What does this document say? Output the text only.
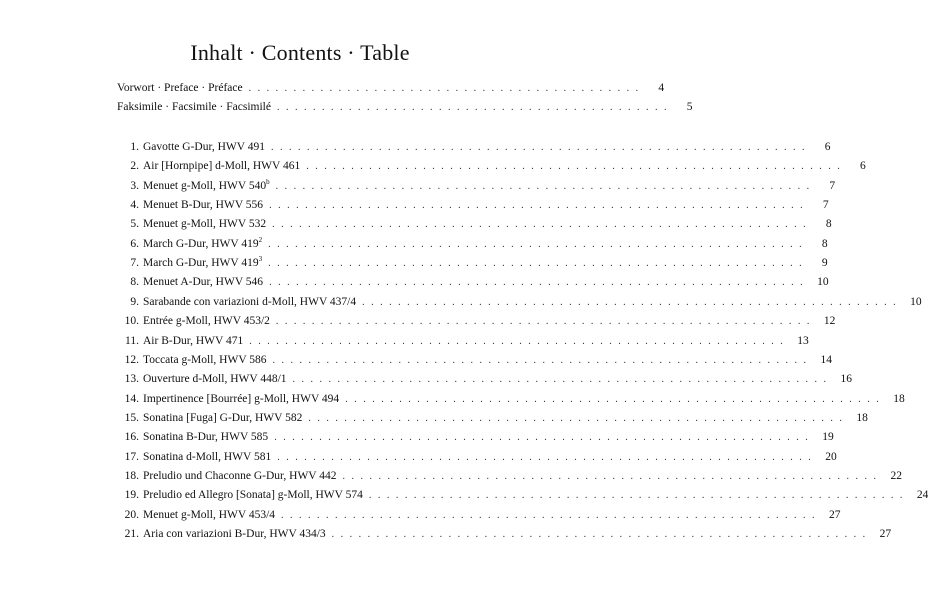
Inhalt · Contents · Table
Vorwort · Preface · Préface . . . . . . . . . . . . . . . . . . . . . . . . . . . . . . . . . . . . . . . . . . . .	4
Faksimile · Facsimile · Facsimilé . . . . . . . . . . . . . . . . . . . . . . . . . . . . . . . . . . . . . . . . . . . .	5
1. Gavotte G-Dur, HWV 491 . . . . . . . . . . . . . . . . . . . . . . . . . . . . . . . . . . . . . . . . . . . . . . . . . . . . . . . . . . . .	6
2. Air [Hornpipe] d-Moll, HWV 461 . . . . . . . . . . . . . . . . . . . . . . . . . . . . . . . . . . . . . . . . . . . . . . . . . . . . . . . . . . . .	6
3. Menuet g-Moll, HWV 540$^b$ . . . . . . . . . . . . . . . . . . . . . . . . . . . . . . . . . . . . . . . . . . . . . . . . . . . . . . . . . . . .	7
4. Menuet B-Dur, HWV 556 . . . . . . . . . . . . . . . . . . . . . . . . . . . . . . . . . . . . . . . . . . . . . . . . . . . . . . . . . . . .	7
5. Menuet g-Moll, HWV 532 . . . . . . . . . . . . . . . . . . . . . . . . . . . . . . . . . . . . . . . . . . . . . . . . . . . . . . . . . . . .	8
6. March G-Dur, HWV $419^2$ . . . . . . . . . . . . . . . . . . . . . . . . . . . . . . . . . . . . . . . . . . . . . . . . . . . . . . . . . . . .	8
7. March G-Dur, HWV $419^3$ . . . . . . . . . . . . . . . . . . . . . . . . . . . . . . . . . . . . . . . . . . . . . . . . . . . . . . . . . . . .	9
8. Menuet A-Dur, HWV 546 . . . . . . . . . . . . . . . . . . . . . . . . . . . . . . . . . . . . . . . . . . . . . . . . . . . . . . . . . . . .	10
9. Sarabande con variazioni d-Moll, HWV 437/4 . . . . . . . . . . . . . . . . . . . . . . . . . . . . . . . . . . . . . . . . . . . . . . . . . . . . . . . . . . . .	10
10. Entrée g-Moll, HWV 453/2 . . . . . . . . . . . . . . . . . . . . . . . . . . . . . . . . . . . . . . . . . . . . . . . . . . . . . . . . . . . .	12
11. Air B-Dur, HWV 471 . . . . . . . . . . . . . . . . . . . . . . . . . . . . . . . . . . . . . . . . . . . . . . . . . . . . . . . . . . . .	13
12. Toccata g-Moll, HWV 586 . . . . . . . . . . . . . . . . . . . . . . . . . . . . . . . . . . . . . . . . . . . . . . . . . . . . . . . . . . . .	14
13. Ouverture d-Moll, HWV 448/1 . . . . . . . . . . . . . . . . . . . . . . . . . . . . . . . . . . . . . . . . . . . . . . . . . . . . . . . . . . . .	16
14. Impertinence [Bourrée] g-Moll, HWV 494 . . . . . . . . . . . . . . . . . . . . . . . . . . . . . . . . . . . . . . . . . . . . . . . . . . . . . . . . . . . .	18
15. Sonatina [Fuga] G-Dur, HWV 582 . . . . . . . . . . . . . . . . . . . . . . . . . . . . . . . . . . . . . . . . . . . . . . . . . . . . . . . . . . . .	18
16. Sonatina B-Dur, HWV 585 . . . . . . . . . . . . . . . . . . . . . . . . . . . . . . . . . . . . . . . . . . . . . . . . . . . . . . . . . . . .	19
17. Sonatina d-Moll, HWV 581 . . . . . . . . . . . . . . . . . . . . . . . . . . . . . . . . . . . . . . . . . . . . . . . . . . . . . . . . . . . .	20
18. Preludio und Chaconne G-Dur, HWV 442 . . . . . . . . . . . . . . . . . . . . . . . . . . . . . . . . . . . . . . . . . . . . . . . . . . . . . . . . . . . .	22
19. Preludio ed Allegro [Sonata] g-Moll, HWV 574 . . . . . . . . . . . . . . . . . . . . . . . . . . . . . . . . . . . . . . . . . . . . . . . . . . . . . . . . . . . .	24
20. Menuet g-Moll, HWV 453/4 . . . . . . . . . . . . . . . . . . . . . . . . . . . . . . . . . . . . . . . . . . . . . . . . . . . . . . . . . . . .	27
21. Aria con variazioni B-Dur, HWV 434/3 . . . . . . . . . . . . . . . . . . . . . . . . . . . . . . . . . . . . . . . . . . . . . . . . . . . . . . . . . . . .	27
